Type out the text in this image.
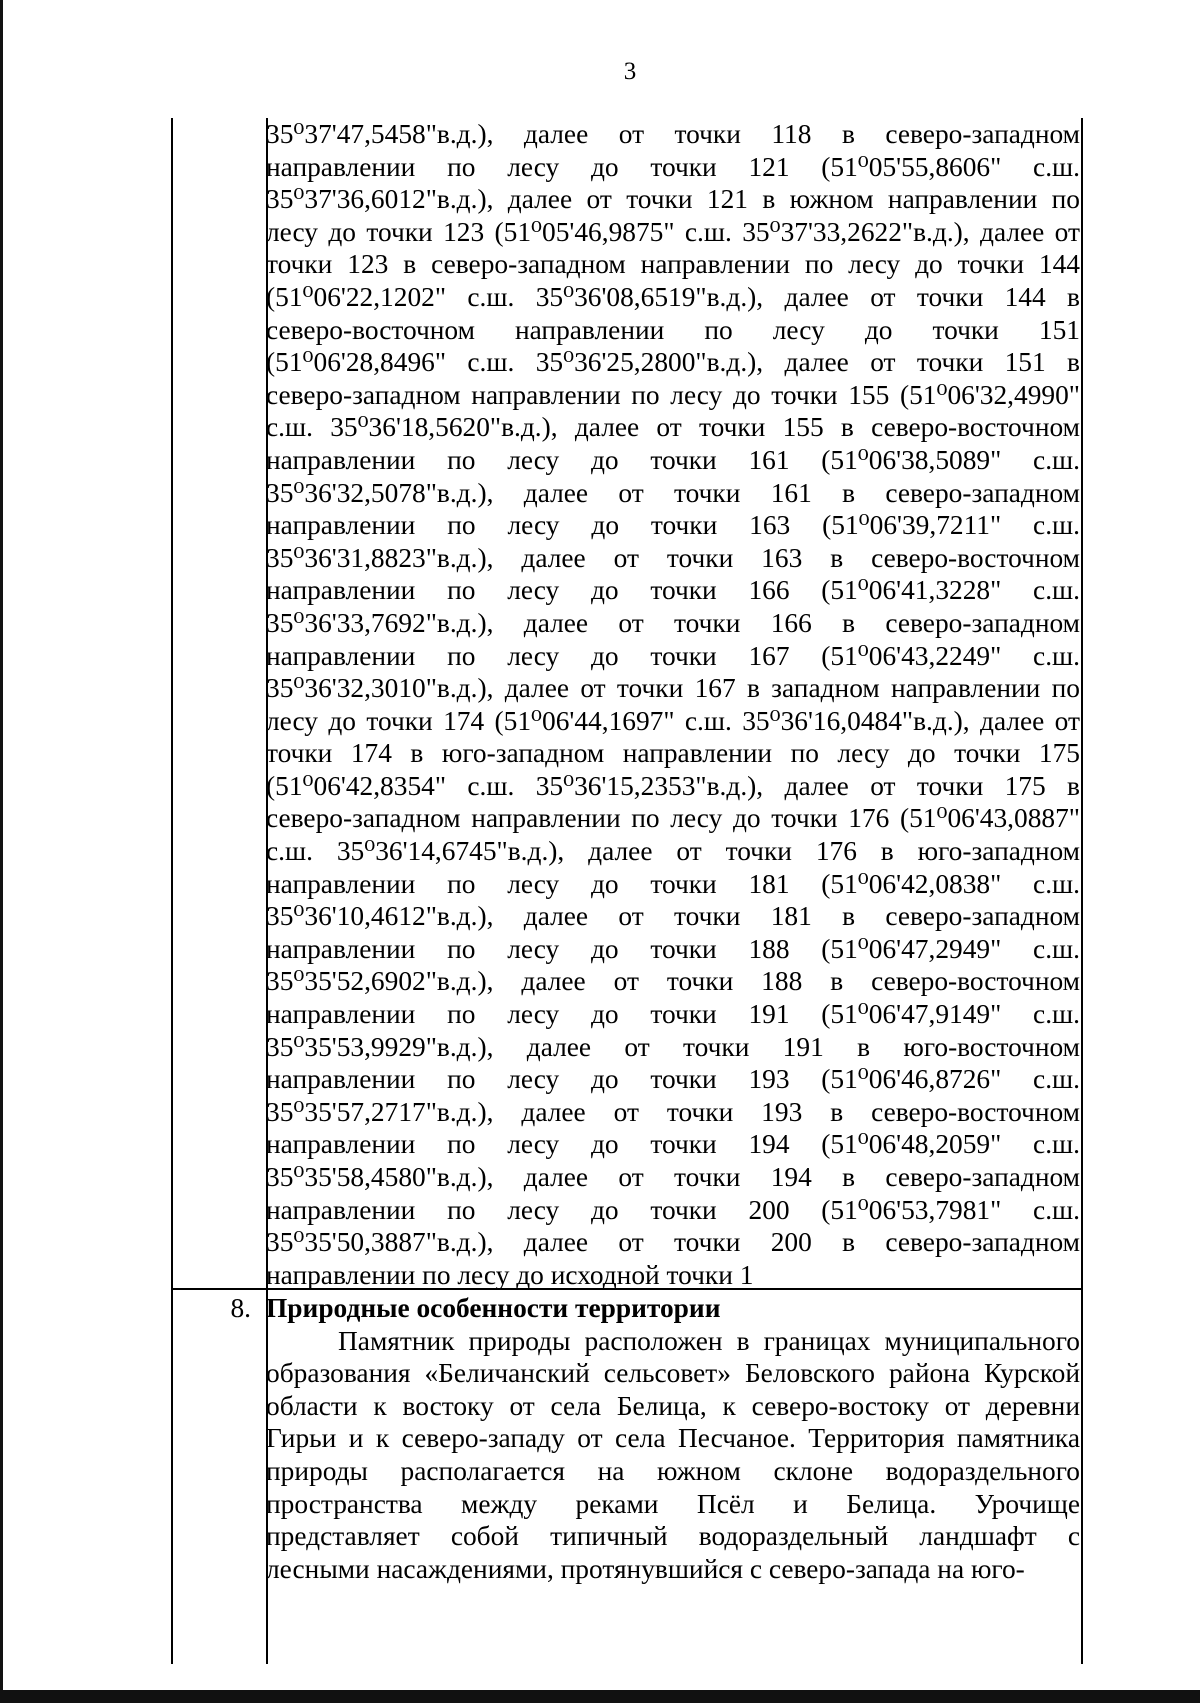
3
35⁰37'47,5458"в.д.), далее от точки 118 в северо-западном
направлении по лесу до точки 121 (51⁰05'55,8606" с.ш.
35⁰37'36,6012"в.д.), далее от точки 121 в южном направлении по
лесу до точки 123 (51⁰05'46,9875" с.ш. 35⁰37'33,2622"в.д.), далее от
точки 123 в северо-западном направлении по лесу до точки 144
(51⁰06'22,1202" с.ш. 35⁰36'08,6519"в.д.), далее от точки 144 в
северо-восточном направлении по лесу до точки 151
(51⁰06'28,8496" с.ш. 35⁰36'25,2800"в.д.), далее от точки 151 в
северо-западном направлении по лесу до точки 155 (51⁰06'32,4990"
с.ш. 35⁰36'18,5620"в.д.), далее от точки 155 в северо-восточном
направлении по лесу до точки 161 (51⁰06'38,5089" с.ш.
35⁰36'32,5078"в.д.), далее от точки 161 в северо-западном
направлении по лесу до точки 163 (51⁰06'39,7211" с.ш.
35⁰36'31,8823"в.д.), далее от точки 163 в северо-восточном
направлении по лесу до точки 166 (51⁰06'41,3228" с.ш.
35⁰36'33,7692"в.д.), далее от точки 166 в северо-западном
направлении по лесу до точки 167 (51⁰06'43,2249" с.ш.
35⁰36'32,3010"в.д.), далее от точки 167 в западном направлении по
лесу до точки 174 (51⁰06'44,1697" с.ш. 35⁰36'16,0484"в.д.), далее от
точки 174 в юго-западном направлении по лесу до точки 175
(51⁰06'42,8354" с.ш. 35⁰36'15,2353"в.д.), далее от точки 175 в
северо-западном направлении по лесу до точки 176 (51⁰06'43,0887"
с.ш. 35⁰36'14,6745"в.д.), далее от точки 176 в юго-западном
направлении по лесу до точки 181 (51⁰06'42,0838" с.ш.
35⁰36'10,4612"в.д.), далее от точки 181 в северо-западном
направлении по лесу до точки 188 (51⁰06'47,2949" с.ш.
35⁰35'52,6902"в.д.), далее от точки 188 в северо-восточном
направлении по лесу до точки 191 (51⁰06'47,9149" с.ш.
35⁰35'53,9929"в.д.), далее от точки 191 в юго-восточном
направлении по лесу до точки 193 (51⁰06'46,8726" с.ш.
35⁰35'57,2717"в.д.), далее от точки 193 в северо-восточном
направлении по лесу до точки 194 (51⁰06'48,2059" с.ш.
35⁰35'58,4580"в.д.), далее от точки 194 в северо-западном
направлении по лесу до точки 200 (51⁰06'53,7981" с.ш.
35⁰35'50,3887"в.д.), далее от точки 200 в северо-западном
направлении по лесу до исходной точки 1
8. Природные особенности территории
Памятник природы расположен в границах муниципального
образования «Беличанский сельсовет» Беловского района Курской
области к востоку от села Белица, к северо-востоку от деревни
Гирьи и к северо-западу от села Песчаное. Территория памятника
природы располагается на южном склоне водораздельного
пространства между реками Псёл и Белица. Урочище
представляет собой типичный водораздельный ландшафт с
лесными насаждениями, протянувшийся с северо-запада на юго-
